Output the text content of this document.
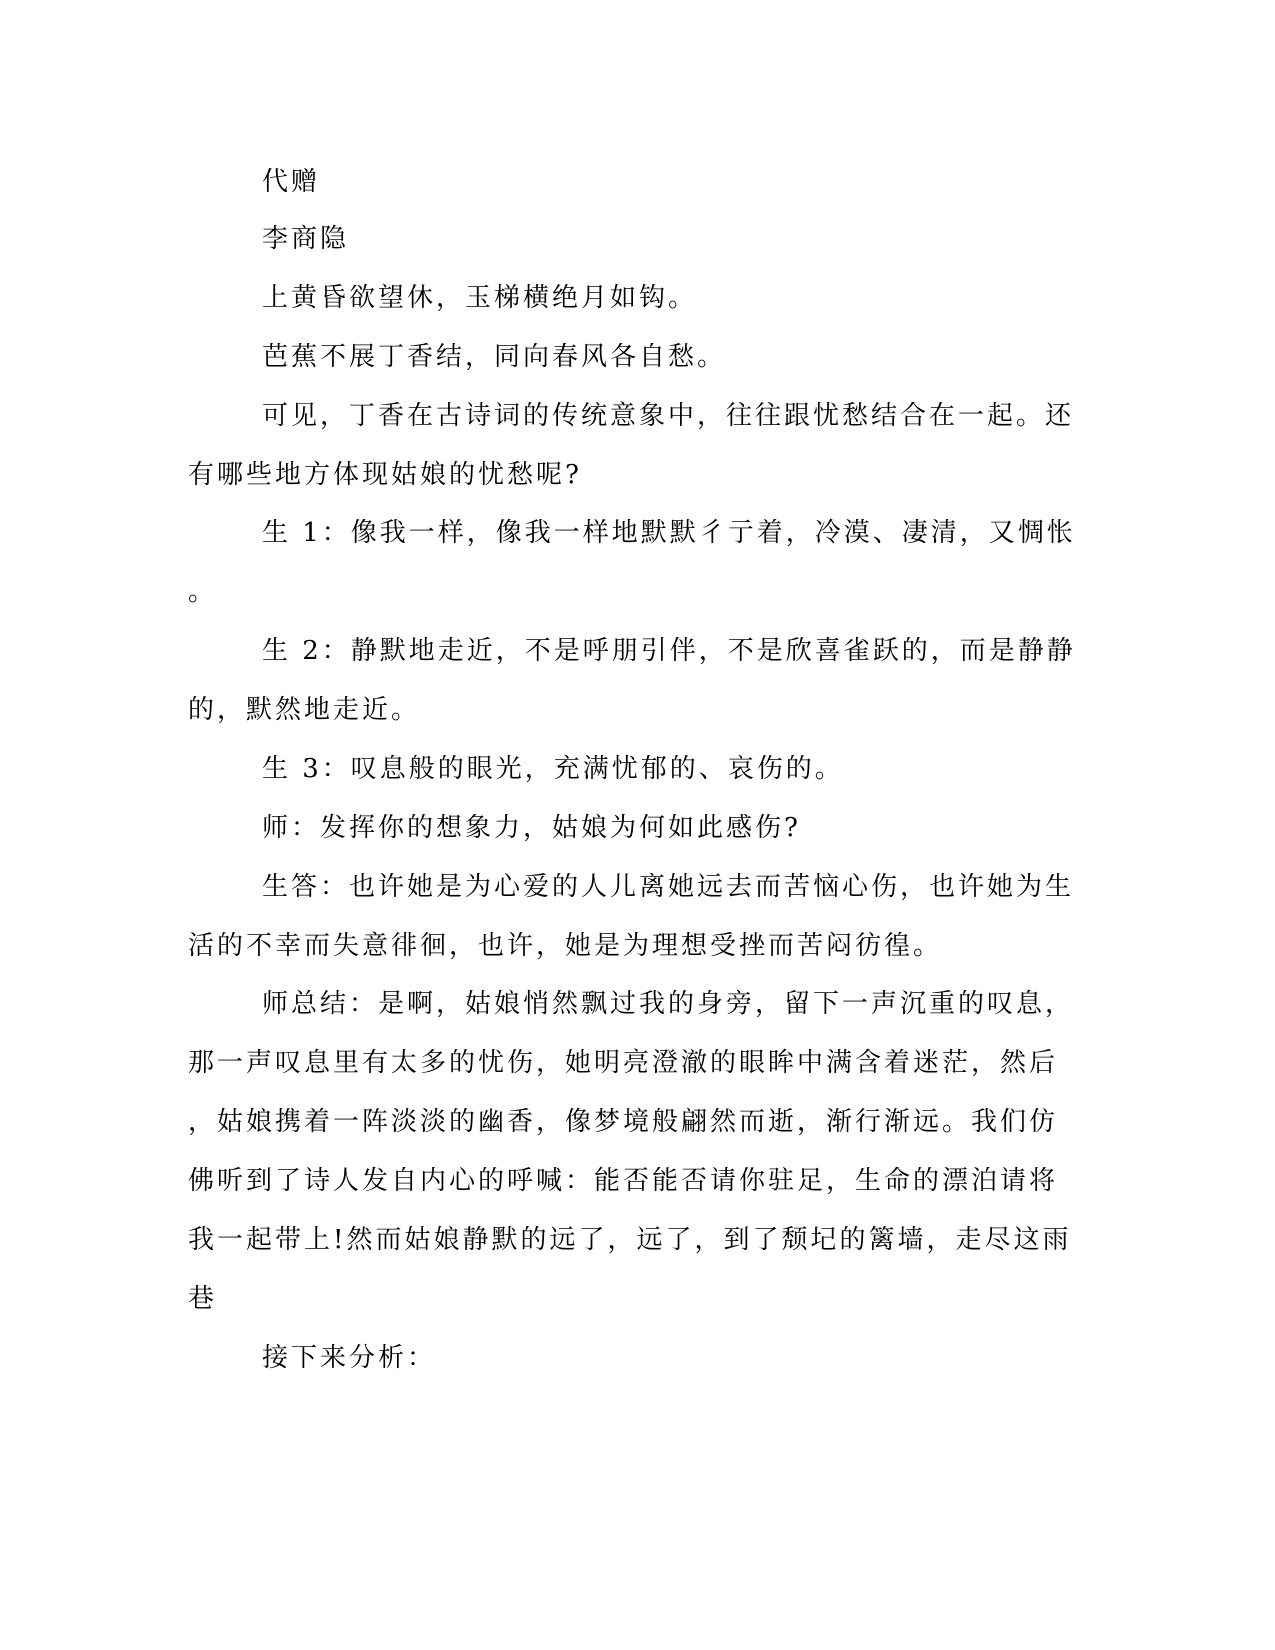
代赠
李商隐
上黄昏欲望休，玉梯横绝月如钩。
芭蕉不展丁香结，同向春风各自愁。
可见，丁香在古诗词的传统意象中，往往跟忧愁结合在一起。还
有哪些地方体现姑娘的忧愁呢?
生 1：像我一样，像我一样地默默彳亍着，冷漠、凄清，又惆怅
。
生 2：静默地走近，不是呼朋引伴，不是欣喜雀跃的，而是静静
的，默然地走近。
生 3：叹息般的眼光，充满忧郁的、哀伤的。
师：发挥你的想象力，姑娘为何如此感伤?
生答：也许她是为心爱的人儿离她远去而苦恼心伤，也许她为生
活的不幸而失意徘徊，也许，她是为理想受挫而苦闷彷徨。
师总结：是啊，姑娘悄然飘过我的身旁，留下一声沉重的叹息，
那一声叹息里有太多的忧伤，她明亮澄澈的眼眸中满含着迷茫，然后
，姑娘携着一阵淡淡的幽香，像梦境般翩然而逝，渐行渐远。我们仿
佛听到了诗人发自内心的呼喊：能否能否请你驻足，生命的漂泊请将
我一起带上!然而姑娘静默的远了，远了，到了颓圮的篱墙，走尽这雨
巷
接下来分析：
